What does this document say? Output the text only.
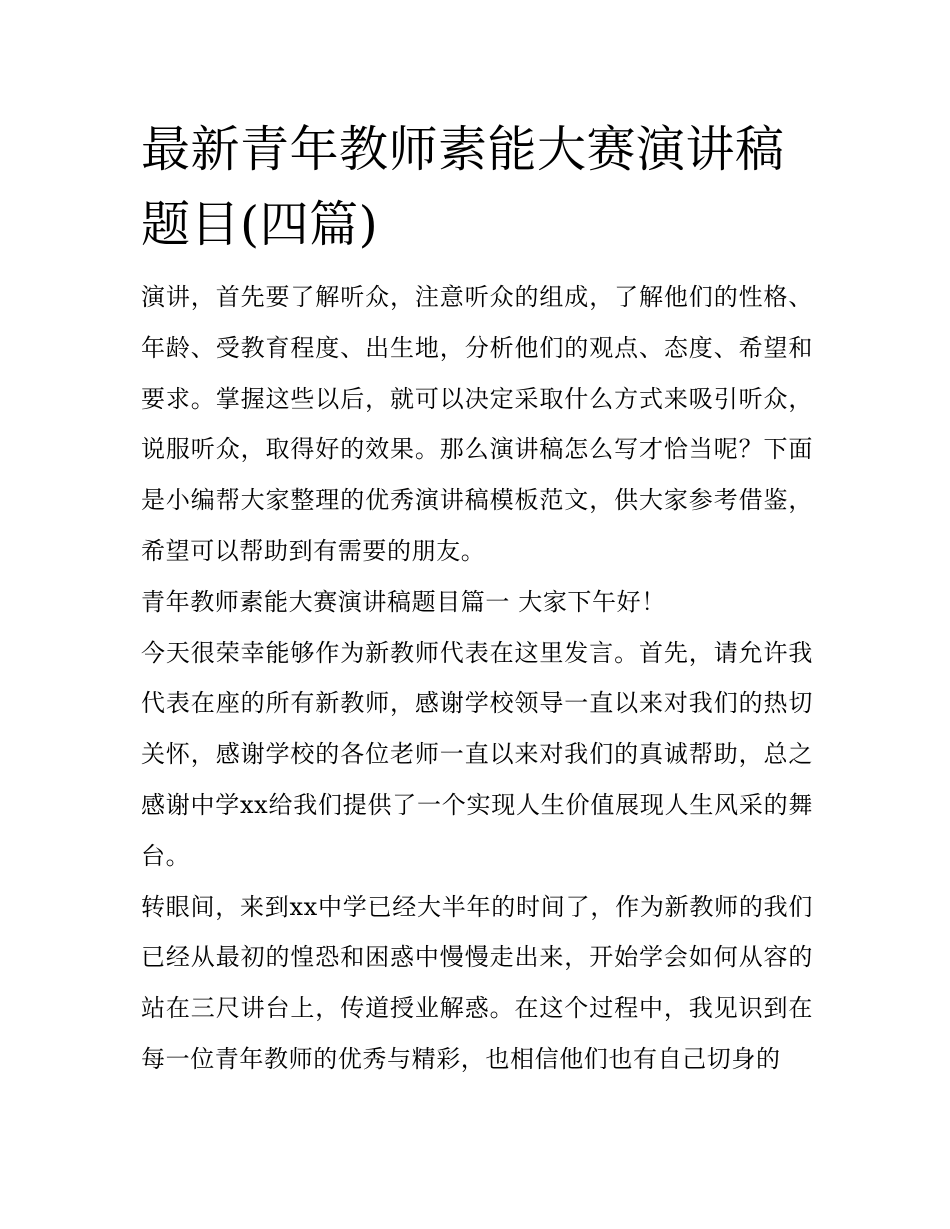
最新青年教师素能大赛演讲稿题目(四篇)

演讲，首先要了解听众，注意听众的组成，了解他们的性格、年龄、受教育程度、出生地，分析他们的观点、态度、希望和要求。掌握这些以后，就可以决定采取什么方式来吸引听众，说服听众，取得好的效果。那么演讲稿怎么写才恰当呢？下面是小编帮大家整理的优秀演讲稿模板范文，供大家参考借鉴，希望可以帮助到有需要的朋友。

青年教师素能大赛演讲稿题目篇一 大家下午好！

今天很荣幸能够作为新教师代表在这里发言。首先，请允许我代表在座的所有新教师，感谢学校领导一直以来对我们的热切关怀，感谢学校的各位老师一直以来对我们的真诚帮助，总之感谢中学xx给我们提供了一个实现人生价值展现人生风采的舞台。

转眼间，来到xx中学已经大半年的时间了，作为新教师的我们已经从最初的惶恐和困惑中慢慢走出来，开始学会如何从容的站在三尺讲台上，传道授业解惑。在这个过程中，我见识到在每一位青年教师的优秀与精彩，也相信他们也有自己切身的
